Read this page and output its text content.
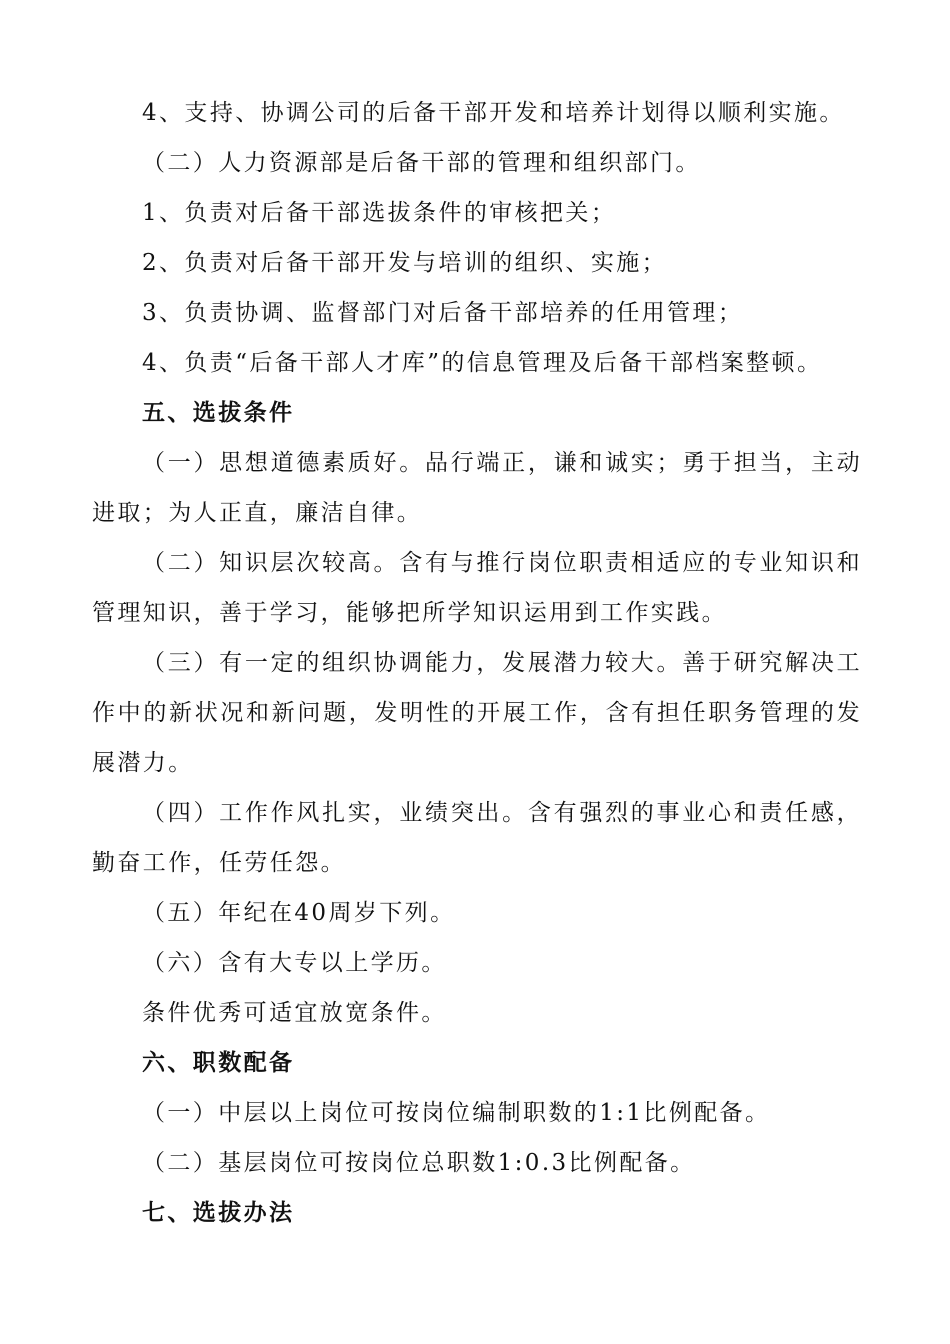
4、支持、协调公司的后备干部开发和培养计划得以顺利实施。

（二）人力资源部是后备干部的管理和组织部门。

1、负责对后备干部选拔条件的审核把关；

2、负责对后备干部开发与培训的组织、实施；

3、负责协调、监督部门对后备干部培养的任用管理；

4、负责“后备干部人才库”的信息管理及后备干部档案整顿。

五、选拔条件

（一）思想道德素质好。品行端正，谦和诚实；勇于担当，主动进取；为人正直，廉洁自律。

（二）知识层次较高。含有与推行岗位职责相适应的专业知识和管理知识，善于学习，能够把所学知识运用到工作实践。

（三）有一定的组织协调能力，发展潜力较大。善于研究解决工作中的新状况和新问题，发明性的开展工作，含有担任职务管理的发展潜力。

（四）工作作风扎实，业绩突出。含有强烈的事业心和责任感，勤奋工作，任劳任怨。

（五）年纪在40周岁下列。

（六）含有大专以上学历。

条件优秀可适宜放宽条件。

六、职数配备

（一）中层以上岗位可按岗位编制职数的1:1比例配备。

（二）基层岗位可按岗位总职数1:0.3比例配备。

七、选拔办法
